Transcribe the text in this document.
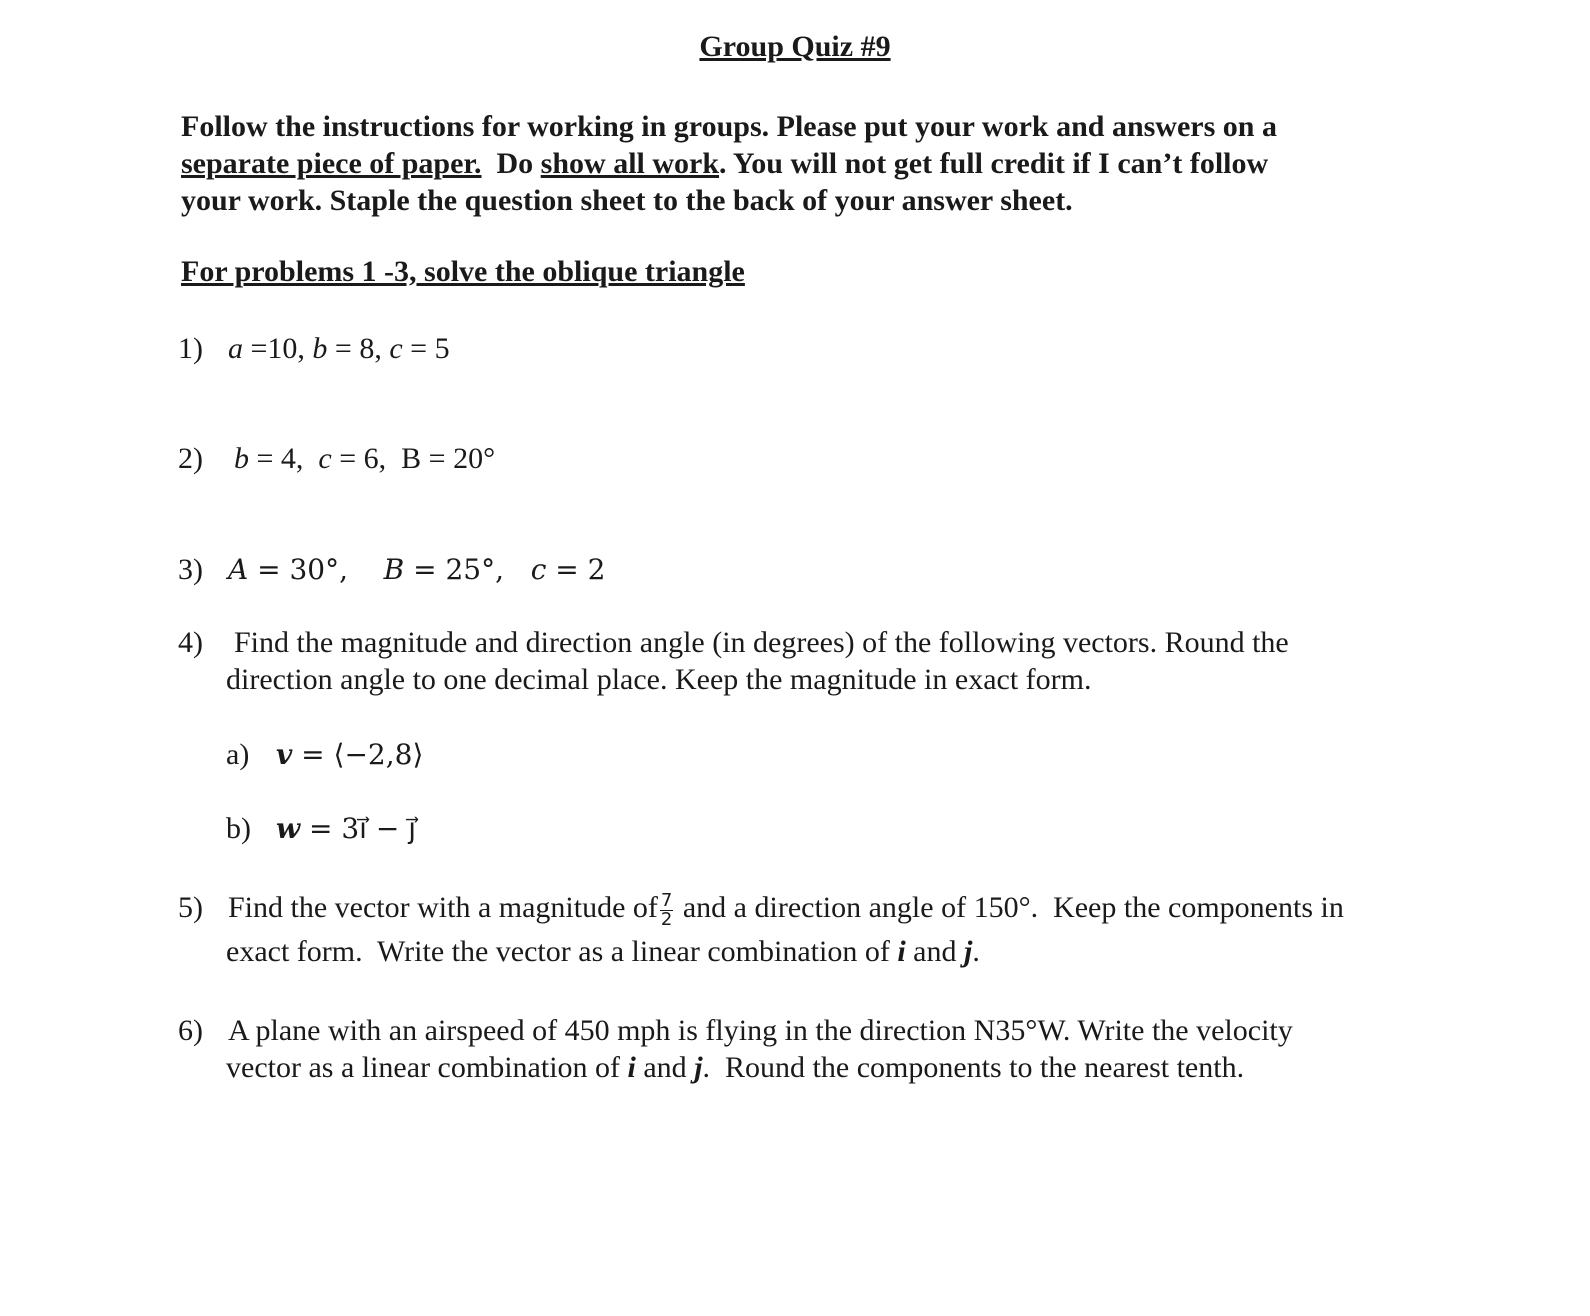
Group Quiz #9
Follow the instructions for working in groups. Please put your work and answers on a
separate piece of paper.  Do show all work. You will not get full credit if I can’t follow
your work. Staple the question sheet to the back of your answer sheet.
For problems 1 -3, solve the oblique triangle
1) a =10, b = 8, c = 5
2) b = 4,  c = 6,  B = 20°
3) A = 30°,    B = 25°,   c = 2
4) Find the magnitude and direction angle (in degrees) of the following vectors. Round the
direction angle to one decimal place. Keep the magnitude in exact form.
a) v = ⟨−2,8⟩
b) w = 3ı⃗ − ȷ⃗
5) Find the vector with a magnitude of $\frac{7}{2}$ and a direction angle of 150°.  Keep the components in
exact form.  Write the vector as a linear combination of i and j.
6) A plane with an airspeed of 450 mph is flying in the direction N35°W. Write the velocity
vector as a linear combination of i and j.  Round the components to the nearest tenth.
